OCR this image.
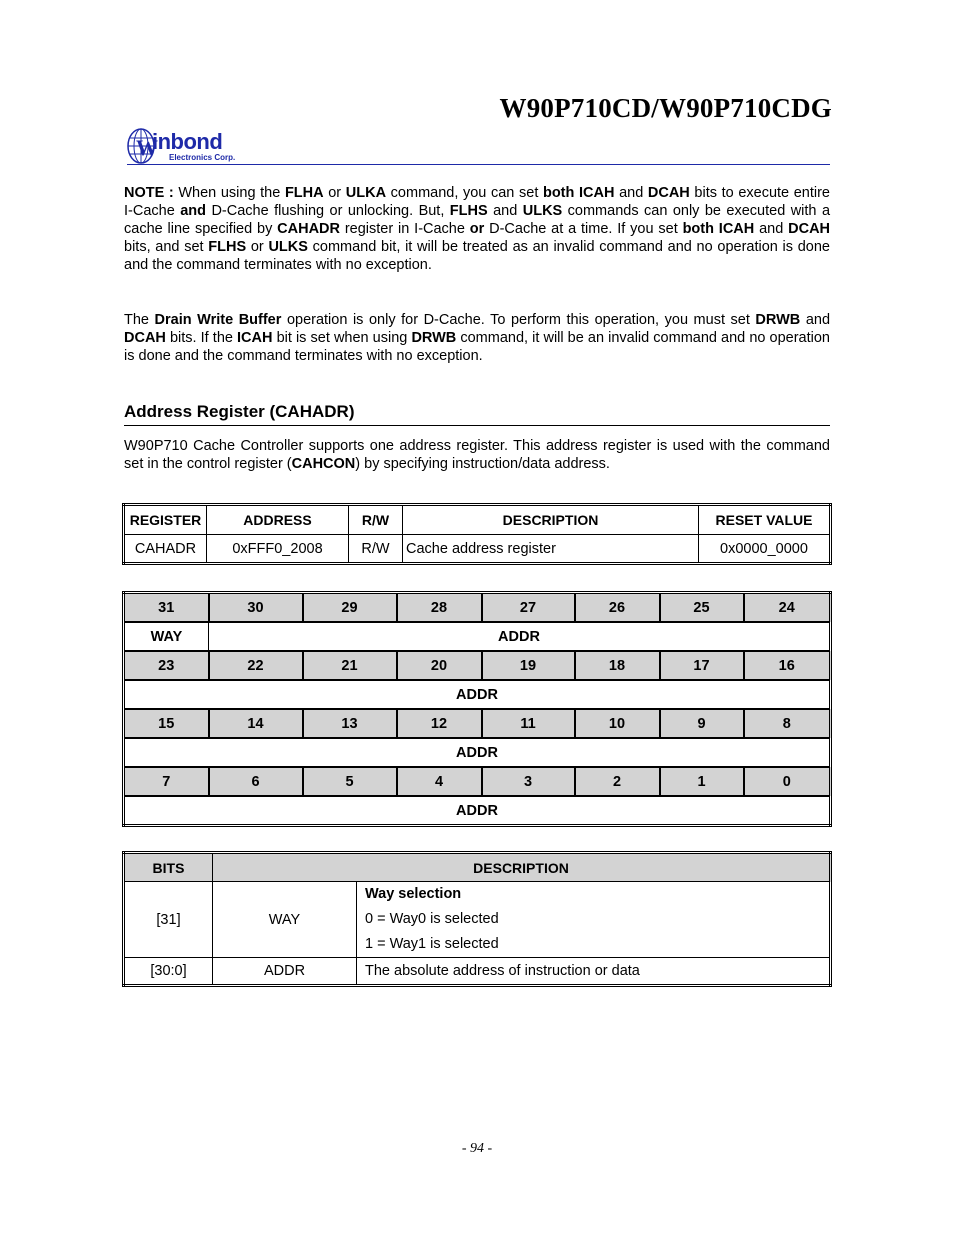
W90P710CD/W90P710CDG
W
inbond
Electronics Corp.
NOTE : When using the FLHA or ULKA command, you can set both ICAH and DCAH bits to execute entire I-Cache and D-Cache flushing or unlocking. But, FLHS and ULKS commands can only be executed with a cache line specified by CAHADR register in I-Cache or D-Cache at a time. If you set both ICAH and DCAH bits, and set FLHS or ULKS command bit, it will be treated as an invalid command and no operation is done and the command terminates with no exception.
The Drain Write Buffer operation is only for D-Cache. To perform this operation, you must set DRWB and DCAH bits. If the ICAH bit is set when using DRWB command, it will be an invalid command and no operation is done and the command terminates with no exception.
Address Register (CAHADR)
W90P710 Cache Controller supports one address register. This address register is used with the command set in the control register (CAHCON) by specifying instruction/data address.
REGISTER	ADDRESS	R/W	DESCRIPTION	RESET VALUE
CAHADR	0xFFF0_2008	R/W	Cache address register	0x0000_0000
31	30	29	28	27	26	25	24
WAY	ADDR						
23	22	21	20	19	18	17	16
ADDR							
15	14	13	12	11	10	9	8
ADDR							
7	6	5	4	3	2	1	0
ADDR							
BITS	DESCRIPTION	
[31]	WAY	Way selection
0 = Way0 is selected
1 = Way1 is selected

[30:0]	ADDR	The absolute address of instruction or data
- 94 -
